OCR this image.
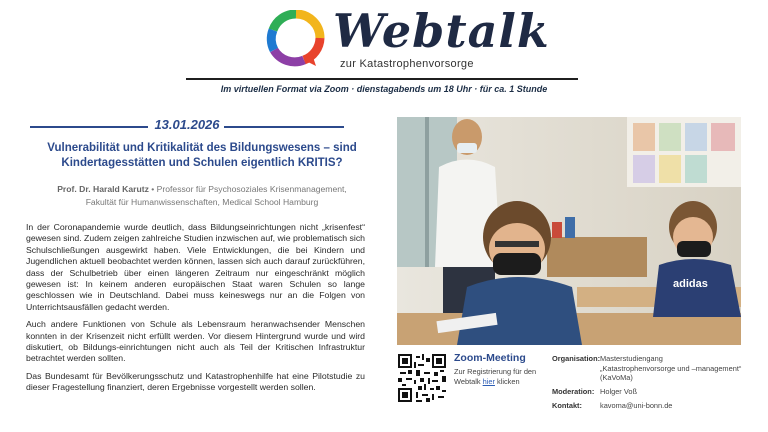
Webtalk
zur Katastrophenvorsorge
Im virtuellen Format via Zoom · dienstagabends um 18 Uhr · für ca. 1 Stunde
13.01.2026
Vulnerabilität und Kritikalität des Bildungswesens – sind
Kindertagesstätten und Schulen eigentlich KRITIS?
Prof. Dr. Harald Karutz • Professor für Psychosoziales Krisenmanagement,
Fakultät für Humanwissenschaften, Medical School Hamburg

In der Coronapandemie wurde deutlich, dass Bildungseinrichtungen nicht „krisenfest“ gewesen sind. Zudem zeigen zahlreiche Studien inzwischen auf, wie problematisch sich Schulschließungen ausgewirkt haben. Viele Entwicklungen, die bei Kindern und Jugendlichen aktuell beobachtet werden können, lassen sich auch darauf zurückführen, dass der Schulbetrieb über einen längeren Zeitraum nur eingeschränkt möglich gewesen ist: In keinem anderen europäischen Staat waren Schulen so lange geschlossen wie in Deutschland. Dabei muss keineswegs nur an die Folgen von Unterrichtsausfällen gedacht werden.

Auch andere Funktionen von Schule als Lebensraum heranwachsender Menschen konnten in der Krisenzeit nicht erfüllt werden. Vor diesem Hintergrund wurde und wird diskutiert, ob Bildungs-einrichtungen nicht auch als Teil der Kritischen Infrastruktur betrachtet werden sollten.

Das Bundesamt für Bevölkerungsschutz und Katastrophenhilfe hat eine Pilotstudie zu dieser Fragestellung finanziert, deren Ergebnisse vorgestellt werden sollen.

adidas
Zoom-Meeting
Zur Registrierung für den Webtalk hier klicken
Organisation: Masterstudiengang
„Katastrophenvorsorge und –management“
(KaVoMa)
Moderation: Holger Voß
Kontakt: kavoma@uni-bonn.de
